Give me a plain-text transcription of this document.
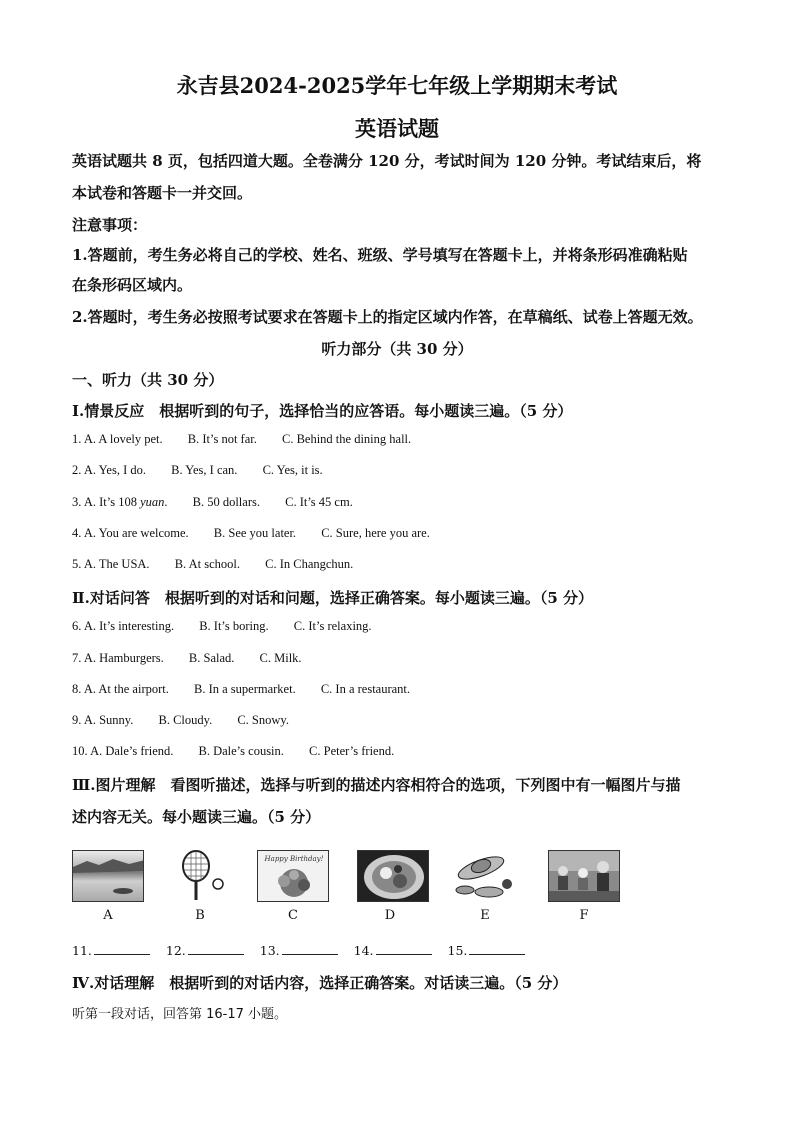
永吉县2024-2025学年七年级上学期期末考试
英语试题
英语试题共 8 页，包括四道大题。全卷满分 120 分，考试时间为 120 分钟。考试结束后，将
本试卷和答题卡一并交回。
注意事项：
1.答题前，考生务必将自己的学校、姓名、班级、学号填写在答题卡上，并将条形码准确粘贴
在条形码区域内。
2.答题时，考生务必按照考试要求在答题卡上的指定区域内作答，在草稿纸、试卷上答题无效。
听力部分（共 30 分）
一、听力（共 30 分）
Ⅰ.情景反应　根据听到的句子，选择恰当的应答语。每小题读三遍。（5 分）
1. A. A lovely pet. B. It’s not far. C. Behind the dining hall.
2. A. Yes, I do. B. Yes, I can. C. Yes, it is.
3. A. It’s 108 yuan. B. 50 dollars. C. It’s 45 cm.
4. A. You are welcome. B. See you later. C. Sure, here you are.
5. A. The USA. B. At school. C. In Changchun.
Ⅱ.对话问答　根据听到的对话和问题，选择正确答案。每小题读三遍。（5 分）
6. A. It’s interesting. B. It’s boring. C. It’s relaxing.
7. A. Hamburgers. B. Salad. C. Milk.
8. A. At the airport. B. In a supermarket. C. In a restaurant.
9. A. Sunny. B. Cloudy. C. Snowy.
10. A. Dale’s friend. B. Dale’s cousin. C. Peter’s friend.
Ⅲ.图片理解　看图听描述，选择与听到的描述内容相符合的选项，下列图中有一幅图片与描
述内容无关。每小题读三遍。（5 分）
Happy Birthday!
A	B	C	D	E	F
11.	12.	13.	14.	15.
Ⅳ.对话理解　根据听到的对话内容，选择正确答案。对话读三遍。（5 分）
听第一段对话，回答第 16-17 小题。
